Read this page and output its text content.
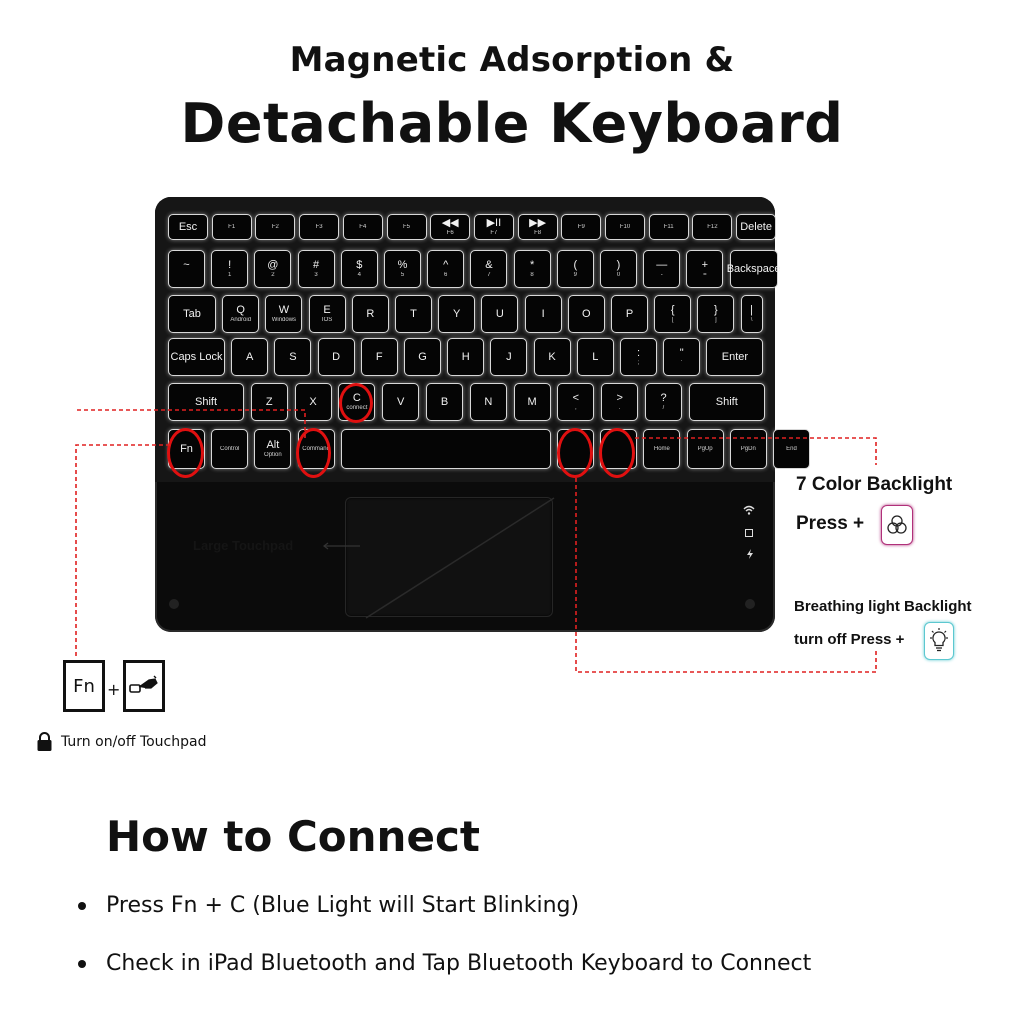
Magnetic Adsorption &
Detachable Keyboard
Esc	F1	F2	F3	F4	F5	◀◀
F6
▶II
F7
▶▶
F8
F9	F10	F11	F12 Delete
~
`
!
1
@
2
#
3
$
4
%
5
^
6
&
7
*
8
(
9
)
0
—
-
+
=
Backspace
Tab	Q
Android
W
Windows
E
IOS
R	T	Y	U	I	O	P	{
[
}
]
|
\
Caps Lock A	S	D	F	G	H	J	K	L	:
;
"
'
Enter
Shift	Z	X	C
connect
V	B	N	M	<
,
>
.
?
/
Shift
Fn	Control Alt
Option
Command	Home	PgUp	PgDn	End
Large Touchpad
7 Color Backlight
Press +
Breathing light Backlight
turn off Press +
Fn +
Turn on/off Touchpad
How to Connect
Press Fn + C (Blue Light will Start Blinking)
Check in iPad Bluetooth and Tap Bluetooth Keyboard to Connect
